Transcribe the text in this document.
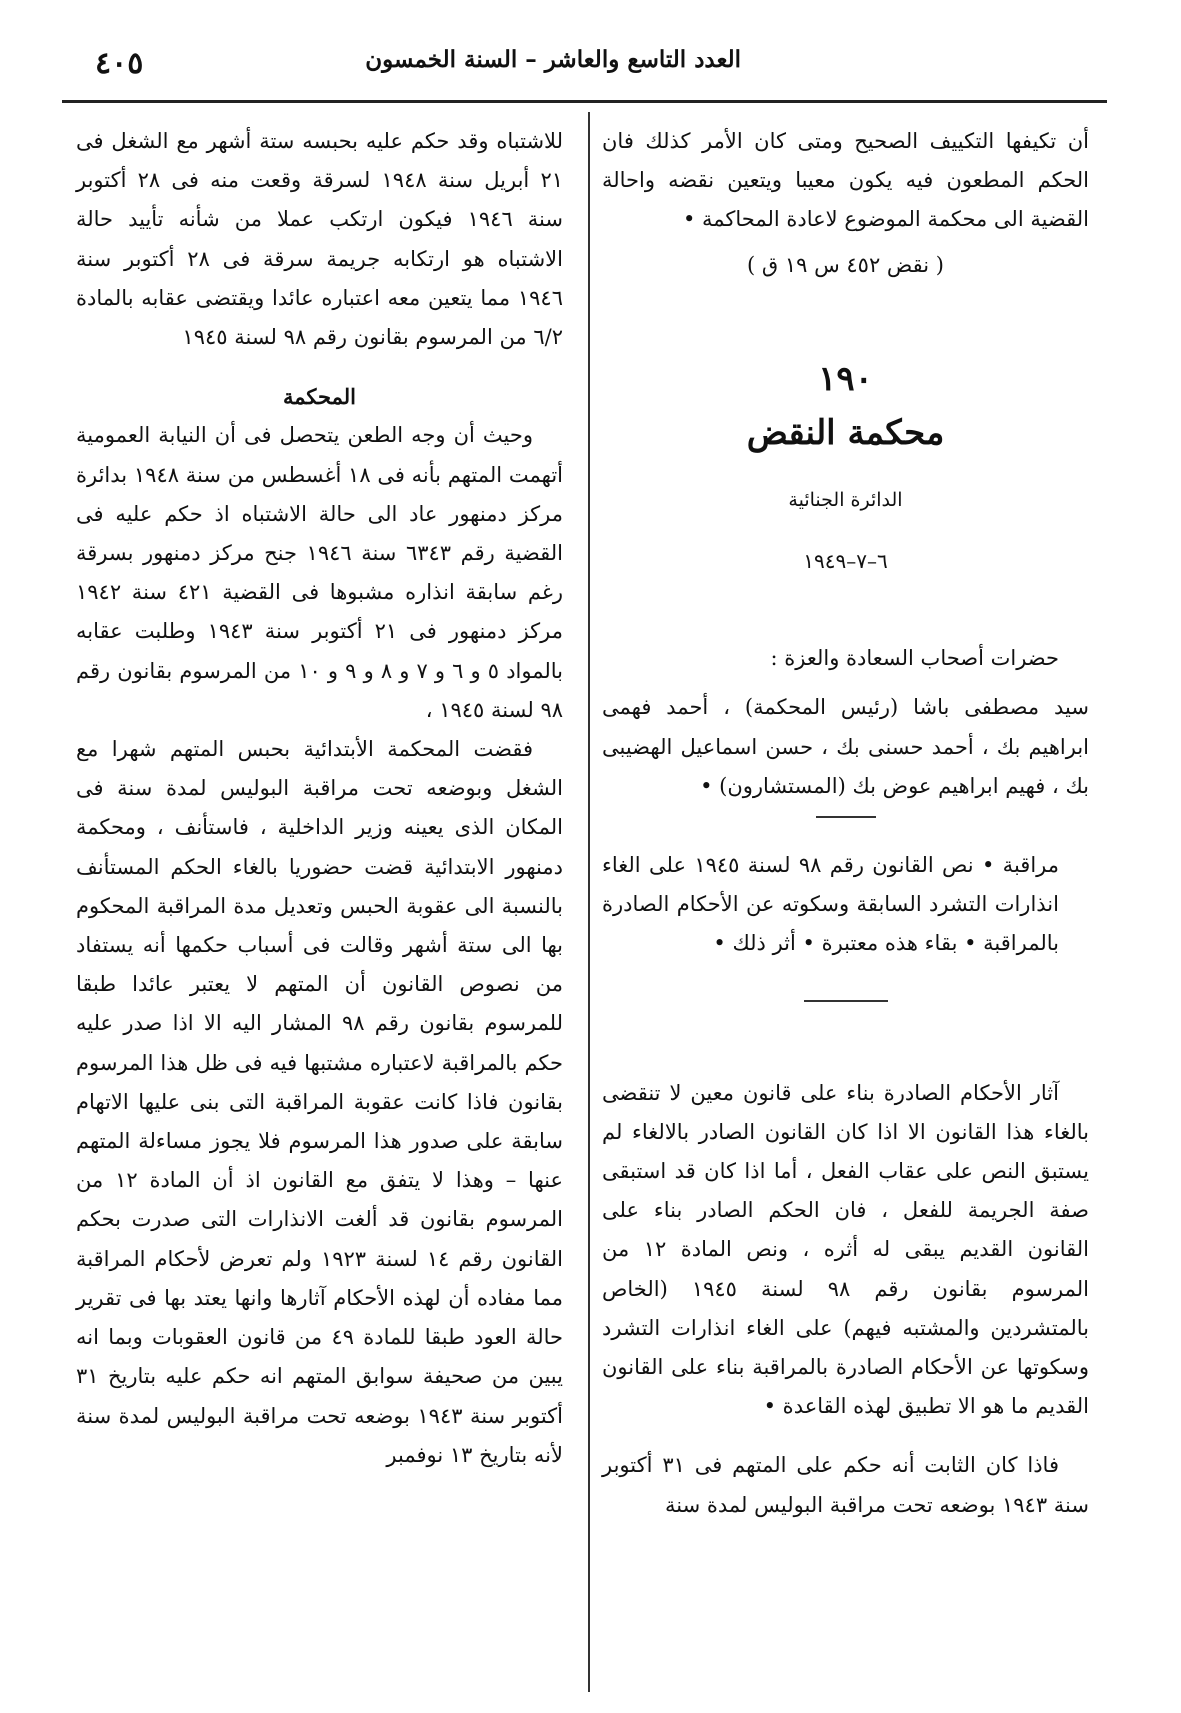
٤٠٥	العدد التاسع والعاشر – السنة الخمسون

أن تكيفها التكييف الصحيح ومتى كان الأمر كذلك فان الحكم المطعون فيه يكون معيبا ويتعين نقضه واحالة القضية الى محكمة الموضوع لاعادة المحاكمة •

( نقض ٤٥٢ س ١٩ ق )

١٩٠

محكمة النقض

الدائرة الجنائية

٦–٧–١٩٤٩

حضرات أصحاب السعادة والعزة :

سيد مصطفى باشا (رئيس المحكمة) ، أحمد فهمى ابراهيم بك ، أحمد حسنى بك ، حسن اسماعيل الهضيبى بك ، فهيم ابراهيم عوض بك (المستشارون) •

مراقبة • نص القانون رقم ٩٨ لسنة ١٩٤٥ على الغاء انذارات التشرد السابقة وسكوته عن الأحكام الصادرة بالمراقبة • بقاء هذه معتبرة • أثر ذلك •

آثار الأحكام الصادرة بناء على قانون معين لا تنقضى بالغاء هذا القانون الا اذا كان القانون الصادر بالالغاء لم يستبق النص على عقاب الفعل ، أما اذا كان قد استبقى صفة الجريمة للفعل ، فان الحكم الصادر بناء على القانون القديم يبقى له أثره ، ونص المادة ١٢ من المرسوم بقانون رقم ٩٨ لسنة ١٩٤٥ (الخاص بالمتشردين والمشتبه فيهم) على الغاء انذارات التشرد وسكوتها عن الأحكام الصادرة بالمراقبة بناء على القانون القديم ما هو الا تطبيق لهذه القاعدة •

فاذا كان الثابت أنه حكم على المتهم فى ٣١ أكتوبر سنة ١٩٤٣ بوضعه تحت مراقبة البوليس لمدة سنة

للاشتباه وقد حكم عليه بحبسه ستة أشهر مع الشغل فى ٢١ أبريل سنة ١٩٤٨ لسرقة وقعت منه فى ٢٨ أكتوبر سنة ١٩٤٦ فيكون ارتكب عملا من شأنه تأييد حالة الاشتباه هو ارتكابه جريمة سرقة فى ٢٨ أكتوبر سنة ١٩٤٦ مما يتعين معه اعتباره عائدا ويقتضى عقابه بالمادة ٦/٢ من المرسوم بقانون رقم ٩٨ لسنة ١٩٤٥

المحكمة

وحيث أن وجه الطعن يتحصل فى أن النيابة العمومية أتهمت المتهم بأنه فى ١٨ أغسطس من سنة ١٩٤٨ بدائرة مركز دمنهور عاد الى حالة الاشتباه اذ حكم عليه فى القضية رقم ٦٣٤٣ سنة ١٩٤٦ جنح مركز دمنهور بسرقة رغم سابقة انذاره مشبوها فى القضية ٤٢١ سنة ١٩٤٢ مركز دمنهور فى ٢١ أكتوبر سنة ١٩٤٣ وطلبت عقابه بالمواد ٥ و ٦ و ٧ و ٨ و ٩ و ١٠ من المرسوم بقانون رقم ٩٨ لسنة ١٩٤٥ ،

فقضت المحكمة الأبتدائية بحبس المتهم شهرا مع الشغل وبوضعه تحت مراقبة البوليس لمدة سنة فى المكان الذى يعينه وزير الداخلية ، فاستأنف ، ومحكمة دمنهور الابتدائية قضت حضوريا بالغاء الحكم المستأنف بالنسبة الى عقوبة الحبس وتعديل مدة المراقبة المحكوم بها الى ستة أشهر وقالت فى أسباب حكمها أنه يستفاد من نصوص القانون أن المتهم لا يعتبر عائدا طبقا للمرسوم بقانون رقم ٩٨ المشار اليه الا اذا صدر عليه حكم بالمراقبة لاعتباره مشتبها فيه فى ظل هذا المرسوم بقانون فاذا كانت عقوبة المراقبة التى بنى عليها الاتهام سابقة على صدور هذا المرسوم فلا يجوز مساءلة المتهم عنها – وهذا لا يتفق مع القانون اذ أن المادة ١٢ من المرسوم بقانون قد ألغت الانذارات التى صدرت بحكم القانون رقم ١٤ لسنة ١٩٢٣ ولم تعرض لأحكام المراقبة مما مفاده أن لهذه الأحكام آثارها وانها يعتد بها فى تقرير حالة العود طبقا للمادة ٤٩ من قانون العقوبات وبما انه يبين من صحيفة سوابق المتهم انه حكم عليه بتاريخ ٣١ أكتوبر سنة ١٩٤٣ بوضعه تحت مراقبة البوليس لمدة سنة لأنه بتاريخ ١٣ نوفمبر
